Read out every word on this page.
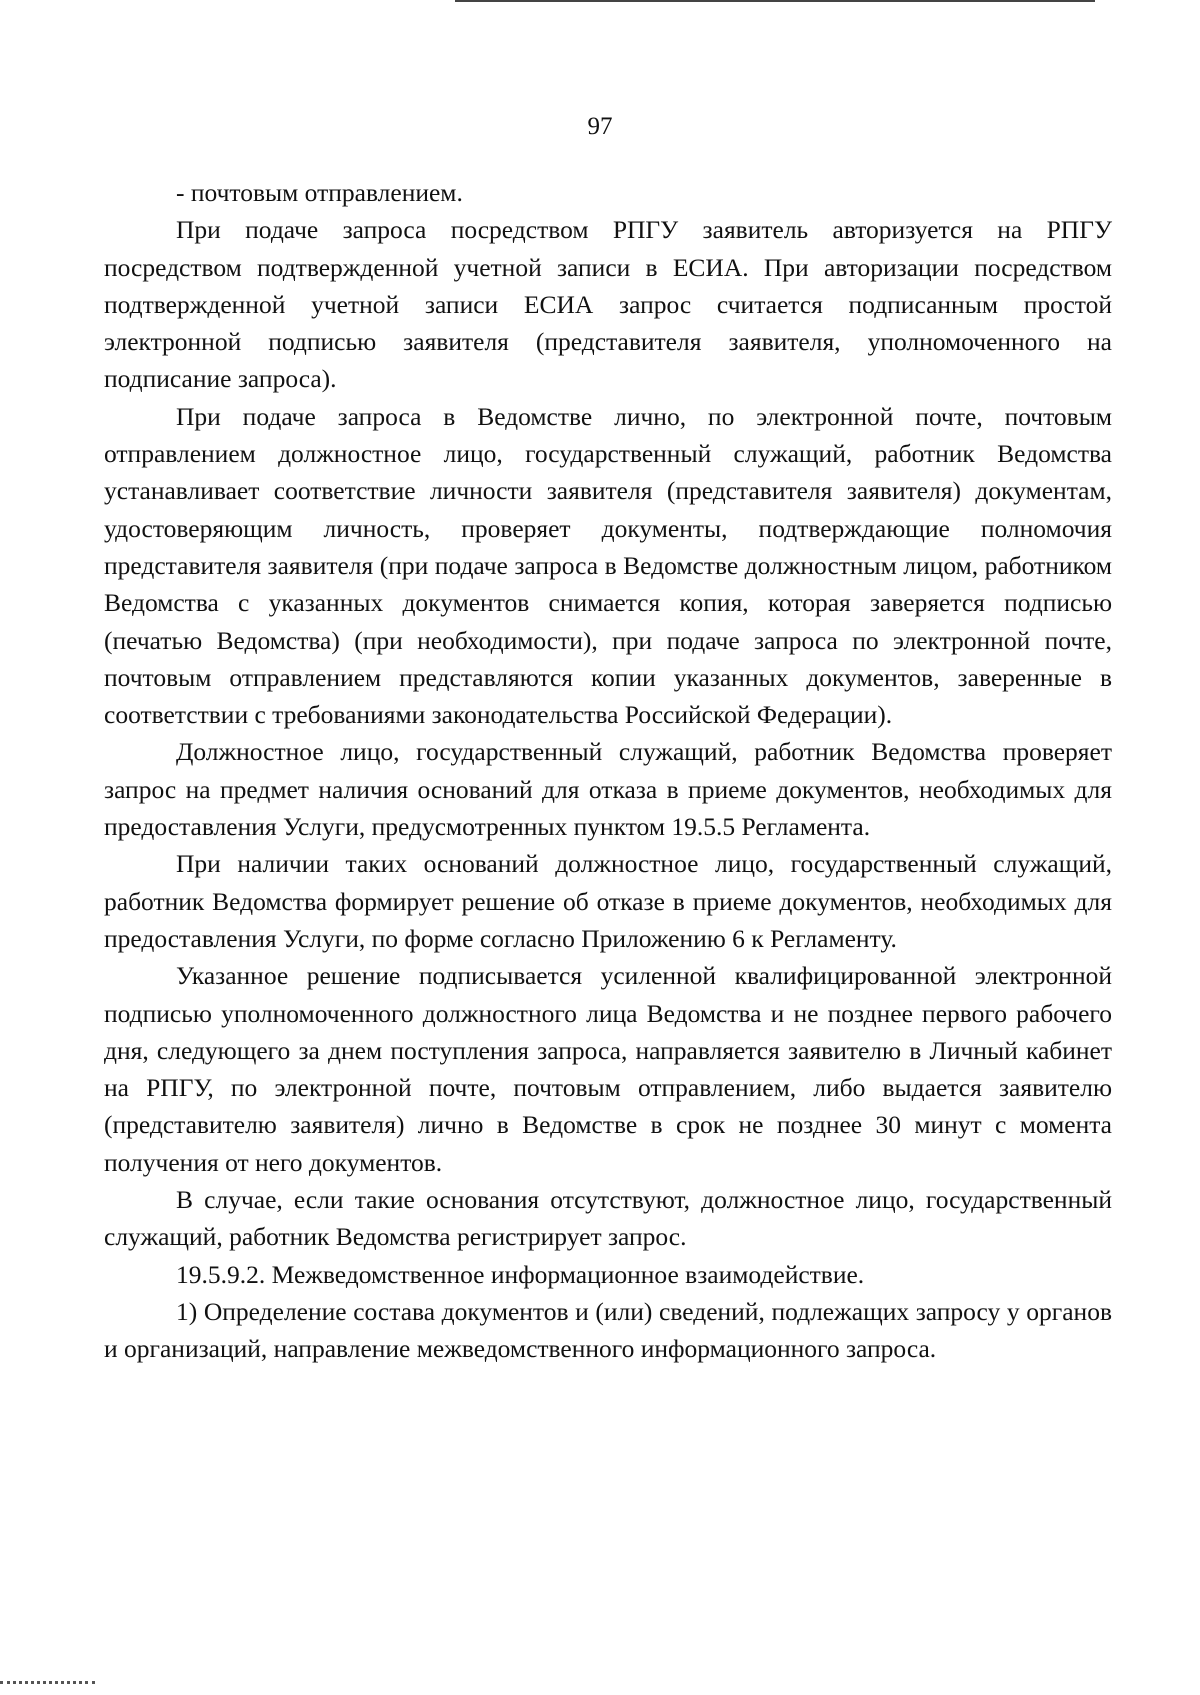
97

- почтовым отправлением.

При подаче запроса посредством РПГУ заявитель авторизуется на РПГУ посредством подтвержденной учетной записи в ЕСИА. При авторизации посредством подтвержденной учетной записи ЕСИА запрос считается подписанным простой электронной подписью заявителя (представителя заявителя, уполномоченного на подписание запроса).

При подаче запроса в Ведомстве лично, по электронной почте, почтовым отправлением должностное лицо, государственный служащий, работник Ведомства устанавливает соответствие личности заявителя (представителя заявителя) документам, удостоверяющим личность, проверяет документы, подтверждающие полномочия представителя заявителя (при подаче запроса в Ведомстве должностным лицом, работником Ведомства с указанных документов снимается копия, которая заверяется подписью (печатью Ведомства) (при необходимости), при подаче запроса по электронной почте, почтовым отправлением представляются копии указанных документов, заверенные в соответствии с требованиями законодательства Российской Федерации).

Должностное лицо, государственный служащий, работник Ведомства проверяет запрос на предмет наличия оснований для отказа в приеме документов, необходимых для предоставления Услуги, предусмотренных пунктом 19.5.5 Регламента.

При наличии таких оснований должностное лицо, государственный служащий, работник Ведомства формирует решение об отказе в приеме документов, необходимых для предоставления Услуги, по форме согласно Приложению 6 к Регламенту.

Указанное решение подписывается усиленной квалифицированной электронной подписью уполномоченного должностного лица Ведомства и не позднее первого рабочего дня, следующего за днем поступления запроса, направляется заявителю в Личный кабинет на РПГУ, по электронной почте, почтовым отправлением, либо выдается заявителю (представителю заявителя) лично в Ведомстве в срок не позднее 30 минут с момента получения от него документов.

В случае, если такие основания отсутствуют, должностное лицо, государственный служащий, работник Ведомства регистрирует запрос.

19.5.9.2. Межведомственное информационное взаимодействие.

1) Определение состава документов и (или) сведений, подлежащих запросу у органов и организаций, направление межведомственного информационного запроса.
